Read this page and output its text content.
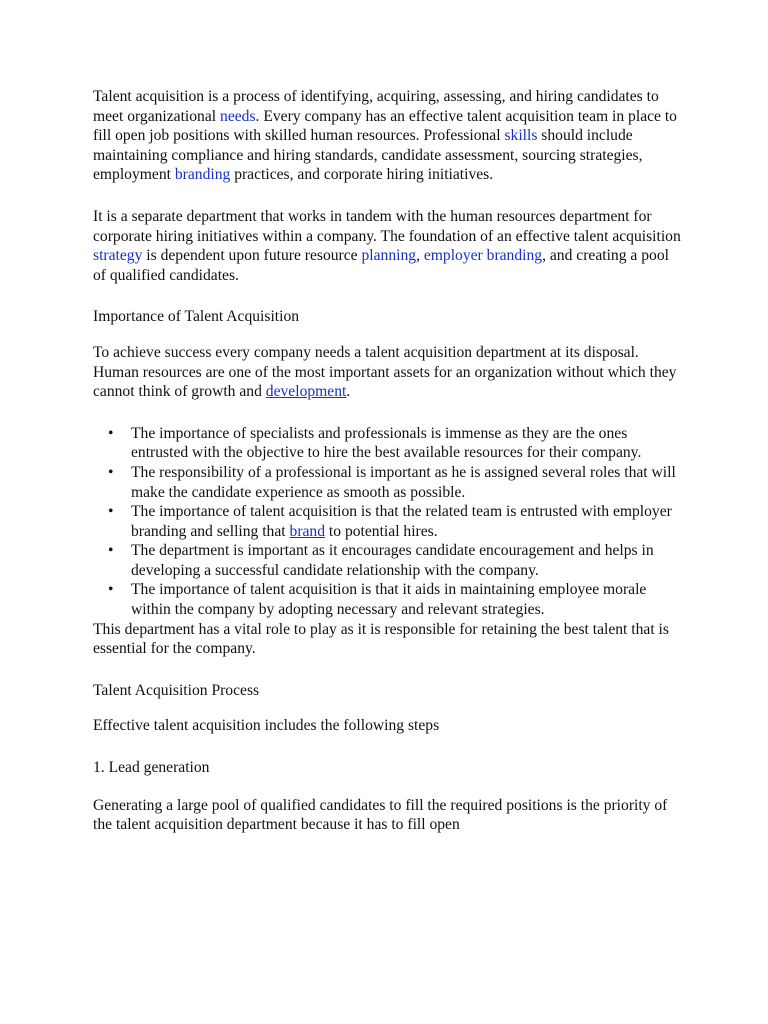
Talent acquisition is a process of identifying, acquiring, assessing, and hiring candidates to meet organizational needs. Every company has an effective talent acquisition team in place to fill open job positions with skilled human resources. Professional skills should include maintaining compliance and hiring standards, candidate assessment, sourcing strategies, employment branding practices, and corporate hiring initiatives.

It is a separate department that works in tandem with the human resources department for corporate hiring initiatives within a company. The foundation of an effective talent acquisition strategy is dependent upon future resource planning, employer branding, and creating a pool of qualified candidates.

Importance of Talent Acquisition

To achieve success every company needs a talent acquisition department at its disposal. Human resources are one of the most important assets for an organization without which they cannot think of growth and development.

• The importance of specialists and professionals is immense as they are the ones entrusted with the objective to hire the best available resources for their company.
• The responsibility of a professional is important as he is assigned several roles that will make the candidate experience as smooth as possible.
• The importance of talent acquisition is that the related team is entrusted with employer branding and selling that brand to potential hires.
• The department is important as it encourages candidate encouragement and helps in developing a successful candidate relationship with the company.
• The importance of talent acquisition is that it aids in maintaining employee morale within the company by adopting necessary and relevant strategies.

This department has a vital role to play as it is responsible for retaining the best talent that is essential for the company.

Talent Acquisition Process

Effective talent acquisition includes the following steps

1. Lead generation

Generating a large pool of qualified candidates to fill the required positions is the priority of the talent acquisition department because it has to fill open
